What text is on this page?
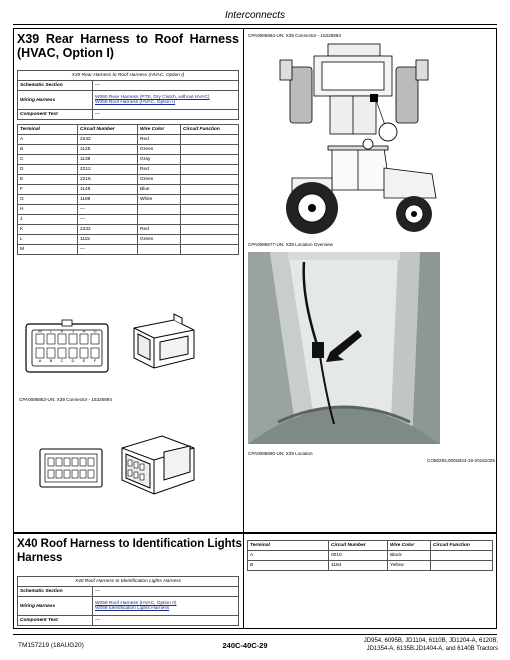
Interconnects
X39 Rear Harness to Roof Harness
(HVAC, Option I)
X39 Rear Harness to Roof Harness (HVAC, Option I)	
Schematic Section	—
Wiring Harness	W060 Rear Harness (PTE, Dry Clutch, without HVAC)
W059 Roof Harness (HVAC, Option I)

Component Test	—
Terminal	Circuit Number	Wire Color	Circuit Function
A	2242	Red	
B	1125	Green	
C	1138	Gray	
D	2212	Red	
E	2215	Green	
F	1148	Blue	
G	1189	White	
H	—		
J	—		
K	2232	Red	
L	1115	Green	
M	—		
CPA0086864-UN: X39 Connector - 15326893
CPA0086677-UN: X39 Location Overview
CPA0086690-UN: X39 Location
CO80283,0001B43-19-20181025
M L K J H G
A B C D E F
CPA0086863-UN: X39 Connector - 15326894
X40 Roof Harness to Identification Lights
Harness
X40 Roof Harness to Identification Lights Harness	
Schematic Section	—
Wiring Harness	W059 Roof Harness (HVAC, Option II)
W069 Identification Lights Harness

Component Test	—
Terminal	Circuit Number	Wire Color	Circuit Function
A	0010	Black	
B	1184	Yellow	
TM157219 (18AUG20)	240C-40C-29	JD954, 6095B, JD1104, 6110B, JD1204-A, 6120B,
JD1354-A, 6135B,JD1404-A, and 6140B Tractors
